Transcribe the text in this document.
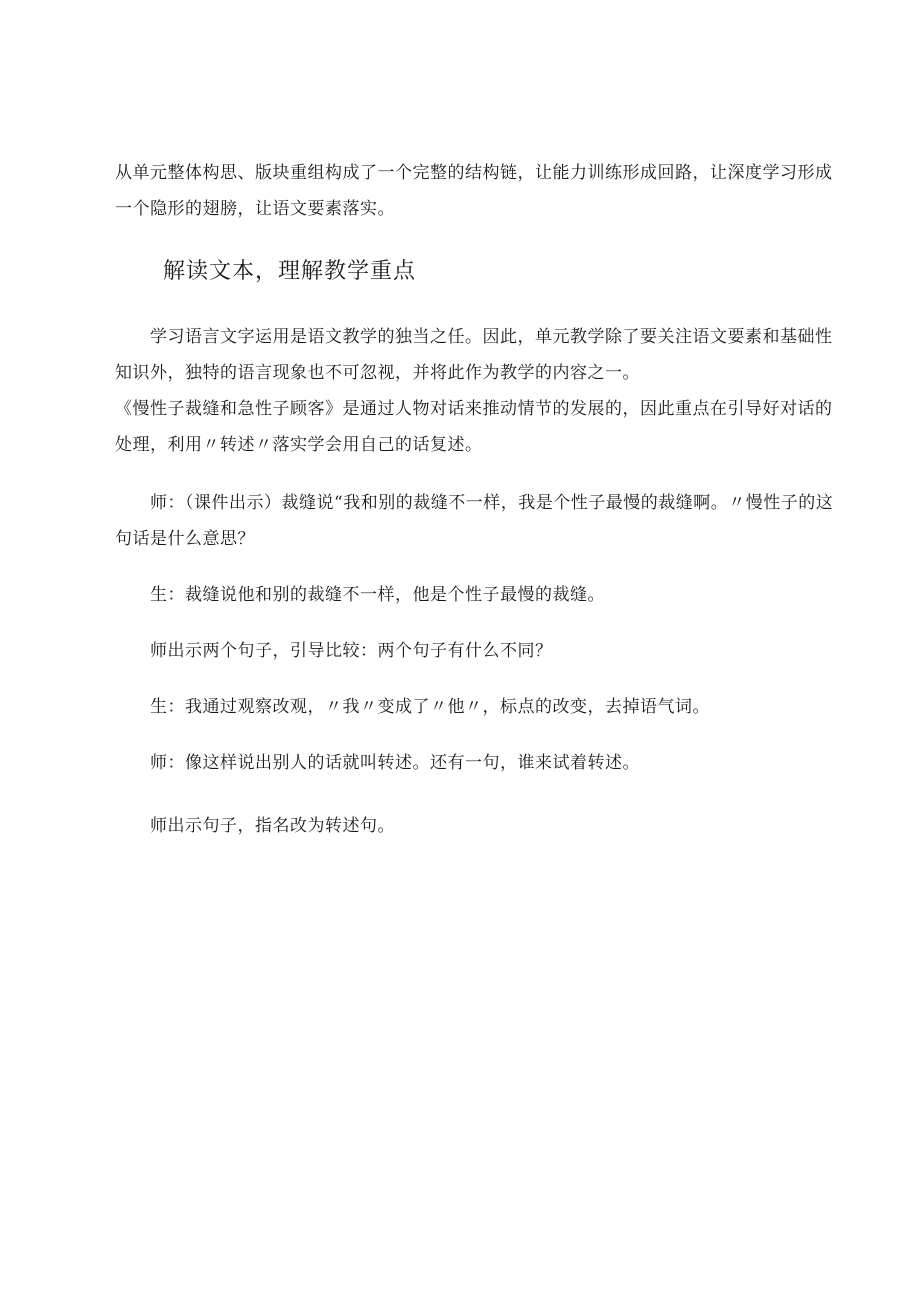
从单元整体构思、版块重组构成了一个完整的结构链，让能力训练形成回路，让深度学习形成
一个隐形的翅膀，让语文要素落实。
解读文本，理解教学重点
学习语言文字运用是语文教学的独当之任。因此，单元教学除了要关注语文要素和基础性
知识外，独特的语言现象也不可忽视，并将此作为教学的内容之一。
《慢性子裁缝和急性子顾客》是通过人物对话来推动情节的发展的，因此重点在引导好对话的
处理，利用〃转述〃落实学会用自己的话复述。
师：（课件出示）裁缝说“我和别的裁缝不一样，我是个性子最慢的裁缝啊。〃慢性子的这
句话是什么意思？
生：裁缝说他和别的裁缝不一样，他是个性子最慢的裁缝。
师出示两个句子，引导比较：两个句子有什么不同？
生：我通过观察改观，〃我〃变成了〃他〃，标点的改变，去掉语气词。
师：像这样说出别人的话就叫转述。还有一句，谁来试着转述。
师出示句子，指名改为转述句。
